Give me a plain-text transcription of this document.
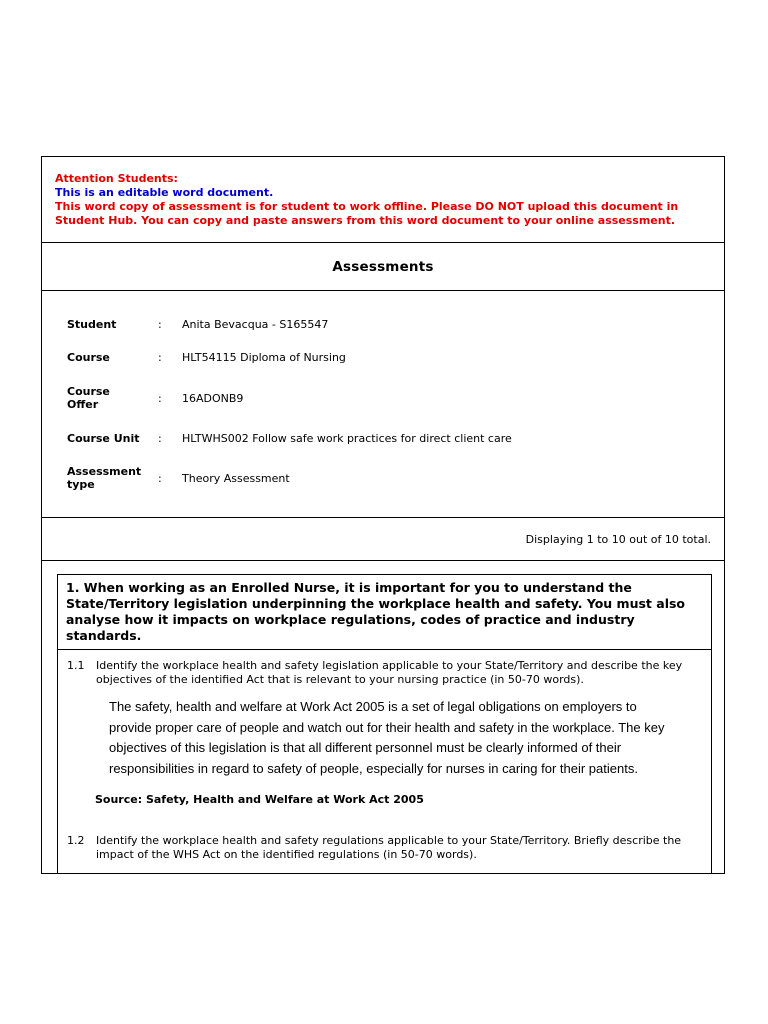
Attention Students:
This is an editable word document.
This word copy of assessment is for student to work offline. Please DO NOT upload this document in Student Hub. You can copy and paste answers from this word document to your online assessment.
Assessments
Student	: Anita Bevacqua - S165547
Course	: HLT54115 Diploma of Nursing
Course Offer	: 16ADONB9
Course Unit	: HLTWHS002 Follow safe work practices for direct client care
Assessment type	: Theory Assessment
Displaying 1 to 10 out of 10 total.
1. When working as an Enrolled Nurse, it is important for you to understand the State/Territory legislation underpinning the workplace health and safety. You must also analyse how it impacts on workplace regulations, codes of practice and industry standards.
1.1 Identify the workplace health and safety legislation applicable to your State/Territory and describe the key objectives of the identified Act that is relevant to your nursing practice (in 50-70 words).
The safety, health and welfare at Work Act 2005 is a set of legal obligations on employers to provide proper care of people and watch out for their health and safety in the workplace. The key objectives of this legislation is that all different personnel must be clearly informed of their responsibilities in regard to safety of people, especially for nurses in caring for their patients.
Source: Safety, Health and Welfare at Work Act 2005
1.2 Identify the workplace health and safety regulations applicable to your State/Territory. Briefly describe the impact of the WHS Act on the identified regulations (in 50-70 words).
